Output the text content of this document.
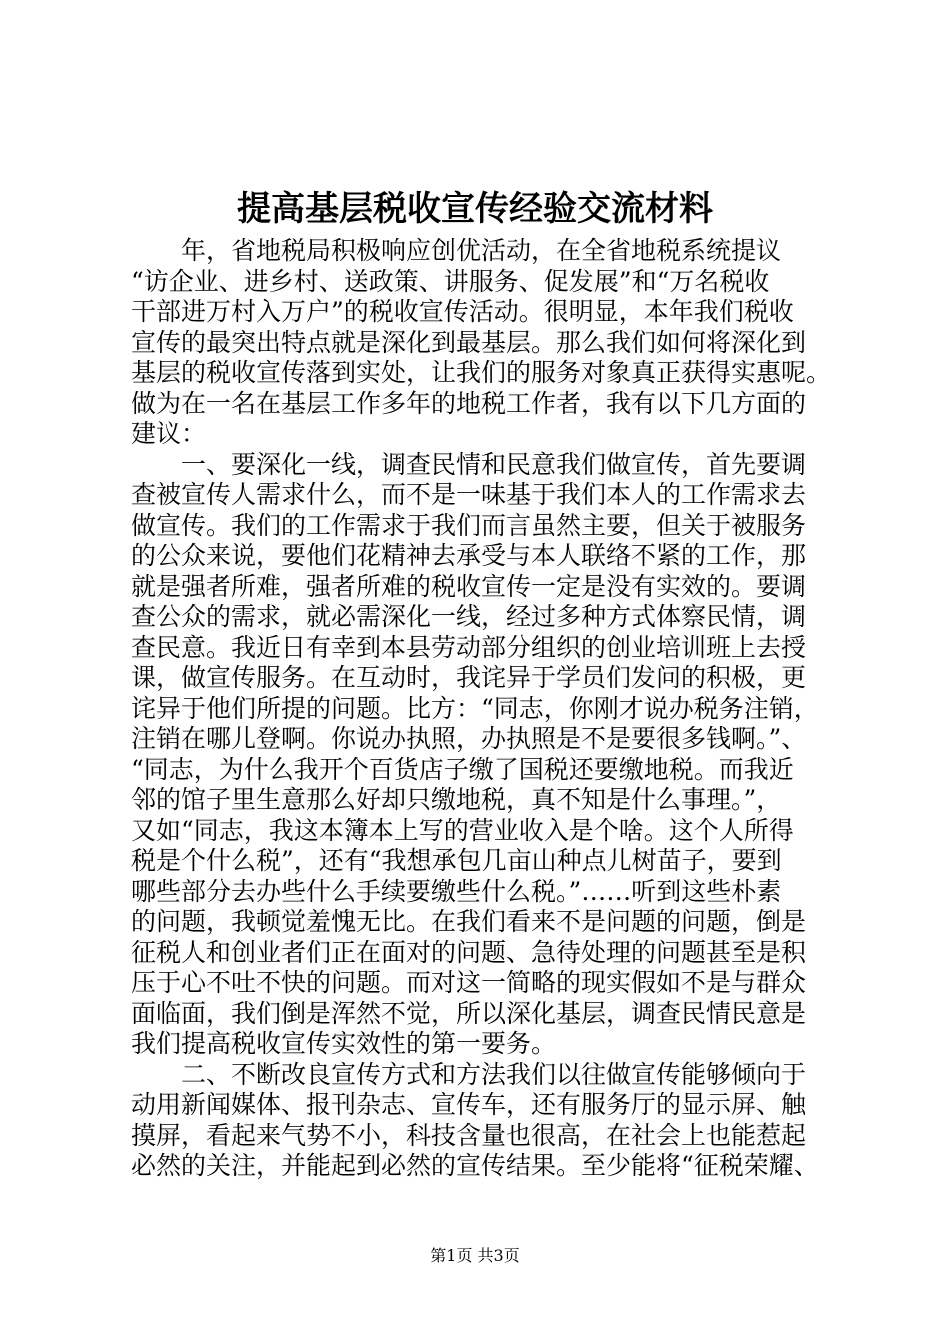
提高基层税收宣传经验交流材料
　　年，省地税局积极响应创优活动，在全省地税系统提议
“访企业、进乡村、送政策、讲服务、促发展”和“万名税收
干部进万村入万户”的税收宣传活动。很明显，本年我们税收
宣传的最突出特点就是深化到最基层。那么我们如何将深化到
基层的税收宣传落到实处，让我们的服务对象真正获得实惠呢。
做为在一名在基层工作多年的地税工作者，我有以下几方面的
建议：
　　一、要深化一线，调查民情和民意我们做宣传，首先要调
查被宣传人需求什么，而不是一味基于我们本人的工作需求去
做宣传。我们的工作需求于我们而言虽然主要，但关于被服务
的公众来说，要他们花精神去承受与本人联络不紧的工作，那
就是强者所难，强者所难的税收宣传一定是没有实效的。要调
查公众的需求，就必需深化一线，经过多种方式体察民情，调
查民意。我近日有幸到本县劳动部分组织的创业培训班上去授
课，做宣传服务。在互动时，我诧异于学员们发问的积极，更
诧异于他们所提的问题。比方：“同志，你刚才说办税务注销，
注销在哪儿登啊。你说办执照，办执照是不是要很多钱啊。”、
“同志，为什么我开个百货店子缴了国税还要缴地税。而我近
邻的馆子里生意那么好却只缴地税，真不知是什么事理。”，
又如“同志，我这本簿本上写的营业收入是个啥。这个人所得
税是个什么税”，还有“我想承包几亩山种点儿树苗子，要到
哪些部分去办些什么手续要缴些什么税。”……听到这些朴素
的问题，我顿觉羞愧无比。在我们看来不是问题的问题，倒是
征税人和创业者们正在面对的问题、急待处理的问题甚至是积
压于心不吐不快的问题。而对这一简略的现实假如不是与群众
面临面，我们倒是浑然不觉，所以深化基层，调查民情民意是
我们提高税收宣传实效性的第一要务。
　　二、不断改良宣传方式和方法我们以往做宣传能够倾向于
动用新闻媒体、报刊杂志、宣传车，还有服务厅的显示屏、触
摸屏，看起来气势不小，科技含量也很高，在社会上也能惹起
必然的关注，并能起到必然的宣传结果。至少能将“征税荣耀、
第1页 共3页
